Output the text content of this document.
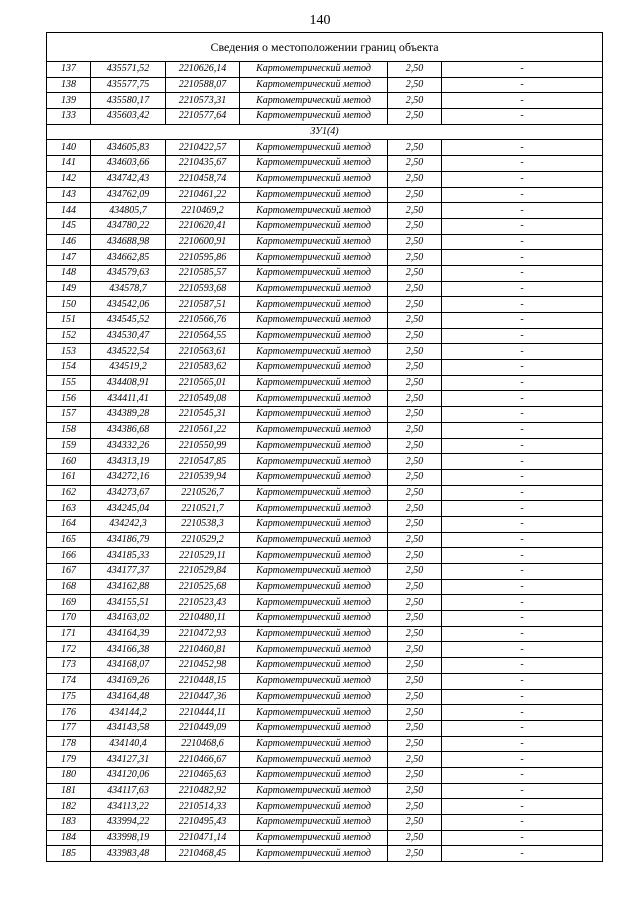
140
Сведения о местоположении границ объекта					
137	435571,52	2210626,14	Картометрический метод	2,50	-
138	435577,75	2210588,07	Картометрический метод	2,50	-
139	435580,17	2210573,31	Картометрический метод	2,50	-
133	435603,42	2210577,64	Картометрический метод	2,50	-
ЗУ1(4)					
140	434605,83	2210422,57	Картометрический метод	2,50	-
141	434603,66	2210435,67	Картометрический метод	2,50	-
142	434742,43	2210458,74	Картометрический метод	2,50	-
143	434762,09	2210461,22	Картометрический метод	2,50	-
144	434805,7	2210469,2	Картометрический метод	2,50	-
145	434780,22	2210620,41	Картометрический метод	2,50	-
146	434688,98	2210600,91	Картометрический метод	2,50	-
147	434662,85	2210595,86	Картометрический метод	2,50	-
148	434579,63	2210585,57	Картометрический метод	2,50	-
149	434578,7	2210593,68	Картометрический метод	2,50	-
150	434542,06	2210587,51	Картометрический метод	2,50	-
151	434545,52	2210566,76	Картометрический метод	2,50	-
152	434530,47	2210564,55	Картометрический метод	2,50	-
153	434522,54	2210563,61	Картометрический метод	2,50	-
154	434519,2	2210583,62	Картометрический метод	2,50	-
155	434408,91	2210565,01	Картометрический метод	2,50	-
156	434411,41	2210549,08	Картометрический метод	2,50	-
157	434389,28	2210545,31	Картометрический метод	2,50	-
158	434386,68	2210561,22	Картометрический метод	2,50	-
159	434332,26	2210550,99	Картометрический метод	2,50	-
160	434313,19	2210547,85	Картометрический метод	2,50	-
161	434272,16	2210539,94	Картометрический метод	2,50	-
162	434273,67	2210526,7	Картометрический метод	2,50	-
163	434245,04	2210521,7	Картометрический метод	2,50	-
164	434242,3	2210538,3	Картометрический метод	2,50	-
165	434186,79	2210529,2	Картометрический метод	2,50	-
166	434185,33	2210529,11	Картометрический метод	2,50	-
167	434177,37	2210529,84	Картометрический метод	2,50	-
168	434162,88	2210525,68	Картометрический метод	2,50	-
169	434155,51	2210523,43	Картометрический метод	2,50	-
170	434163,02	2210480,11	Картометрический метод	2,50	-
171	434164,39	2210472,93	Картометрический метод	2,50	-
172	434166,38	2210460,81	Картометрический метод	2,50	-
173	434168,07	2210452,98	Картометрический метод	2,50	-
174	434169,26	2210448,15	Картометрический метод	2,50	-
175	434164,48	2210447,36	Картометрический метод	2,50	-
176	434144,2	2210444,11	Картометрический метод	2,50	-
177	434143,58	2210449,09	Картометрический метод	2,50	-
178	434140,4	2210468,6	Картометрический метод	2,50	-
179	434127,31	2210466,67	Картометрический метод	2,50	-
180	434120,06	2210465,63	Картометрический метод	2,50	-
181	434117,63	2210482,92	Картометрический метод	2,50	-
182	434113,22	2210514,33	Картометрический метод	2,50	-
183	433994,22	2210495,43	Картометрический метод	2,50	-
184	433998,19	2210471,14	Картометрический метод	2,50	-
185	433983,48	2210468,45	Картометрический метод	2,50	-
